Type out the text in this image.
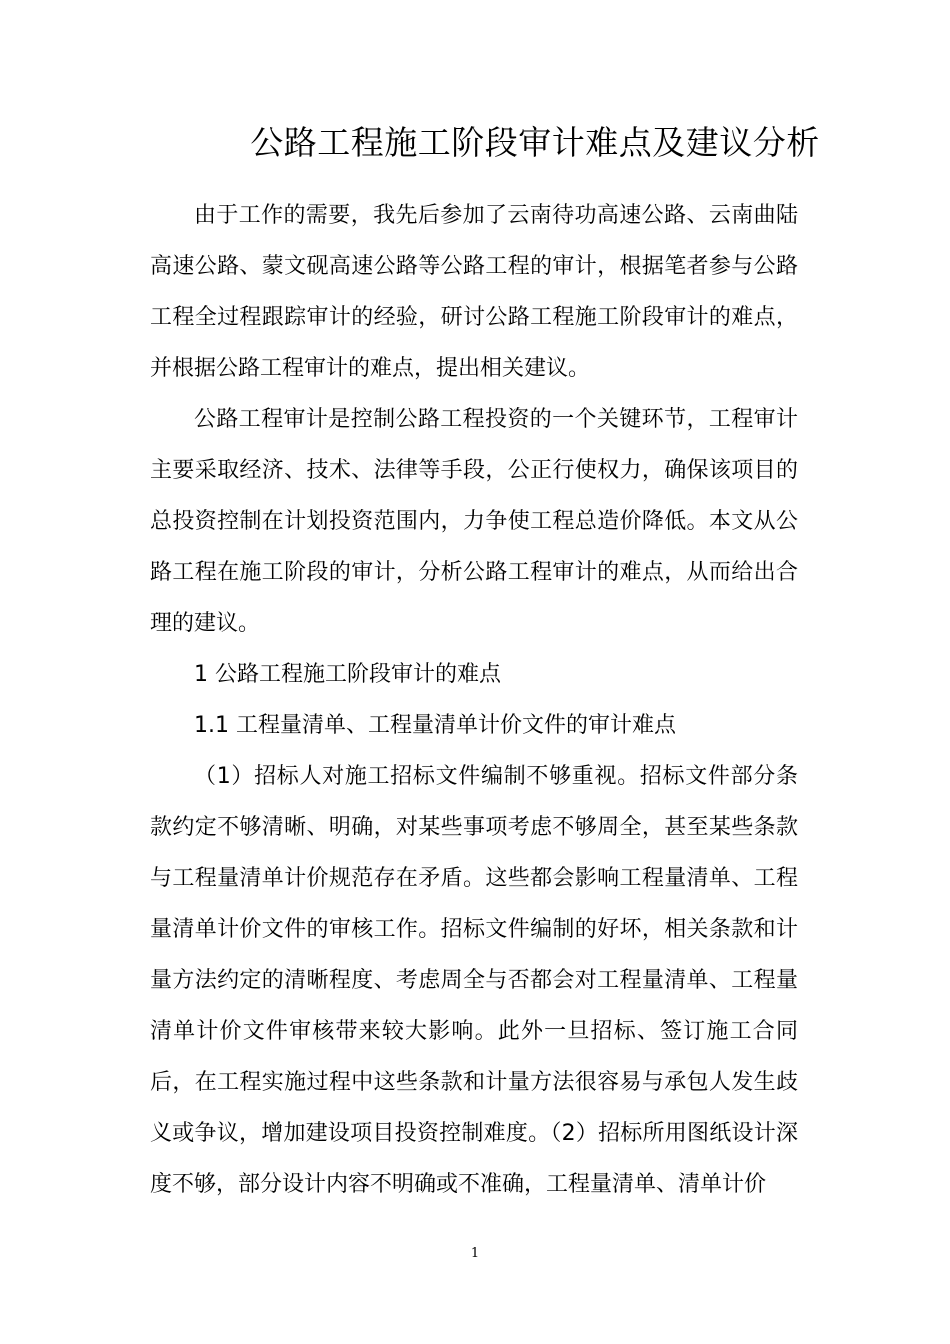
公路工程施工阶段审计难点及建议分析

由于工作的需要，我先后参加了云南待功高速公路、云南曲陆高速公路、蒙文砚高速公路等公路工程的审计，根据笔者参与公路工程全过程跟踪审计的经验，研讨公路工程施工阶段审计的难点，并根据公路工程审计的难点，提出相关建议。

公路工程审计是控制公路工程投资的一个关键环节，工程审计主要采取经济、技术、法律等手段，公正行使权力，确保该项目的总投资控制在计划投资范围内，力争使工程总造价降低。本文从公路工程在施工阶段的审计，分析公路工程审计的难点，从而给出合理的建议。

1 公路工程施工阶段审计的难点

1.1 工程量清单、工程量清单计价文件的审计难点

（1）招标人对施工招标文件编制不够重视。招标文件部分条款约定不够清晰、明确，对某些事项考虑不够周全，甚至某些条款与工程量清单计价规范存在矛盾。这些都会影响工程量清单、工程量清单计价文件的审核工作。招标文件编制的好坏，相关条款和计量方法约定的清晰程度、考虑周全与否都会对工程量清单、工程量清单计价文件审核带来较大影响。此外一旦招标、签订施工合同后，在工程实施过程中这些条款和计量方法很容易与承包人发生歧义或争议，增加建设项目投资控制难度。（2）招标所用图纸设计深度不够，部分设计内容不明确或不准确，工程量清单、清单计价

1
